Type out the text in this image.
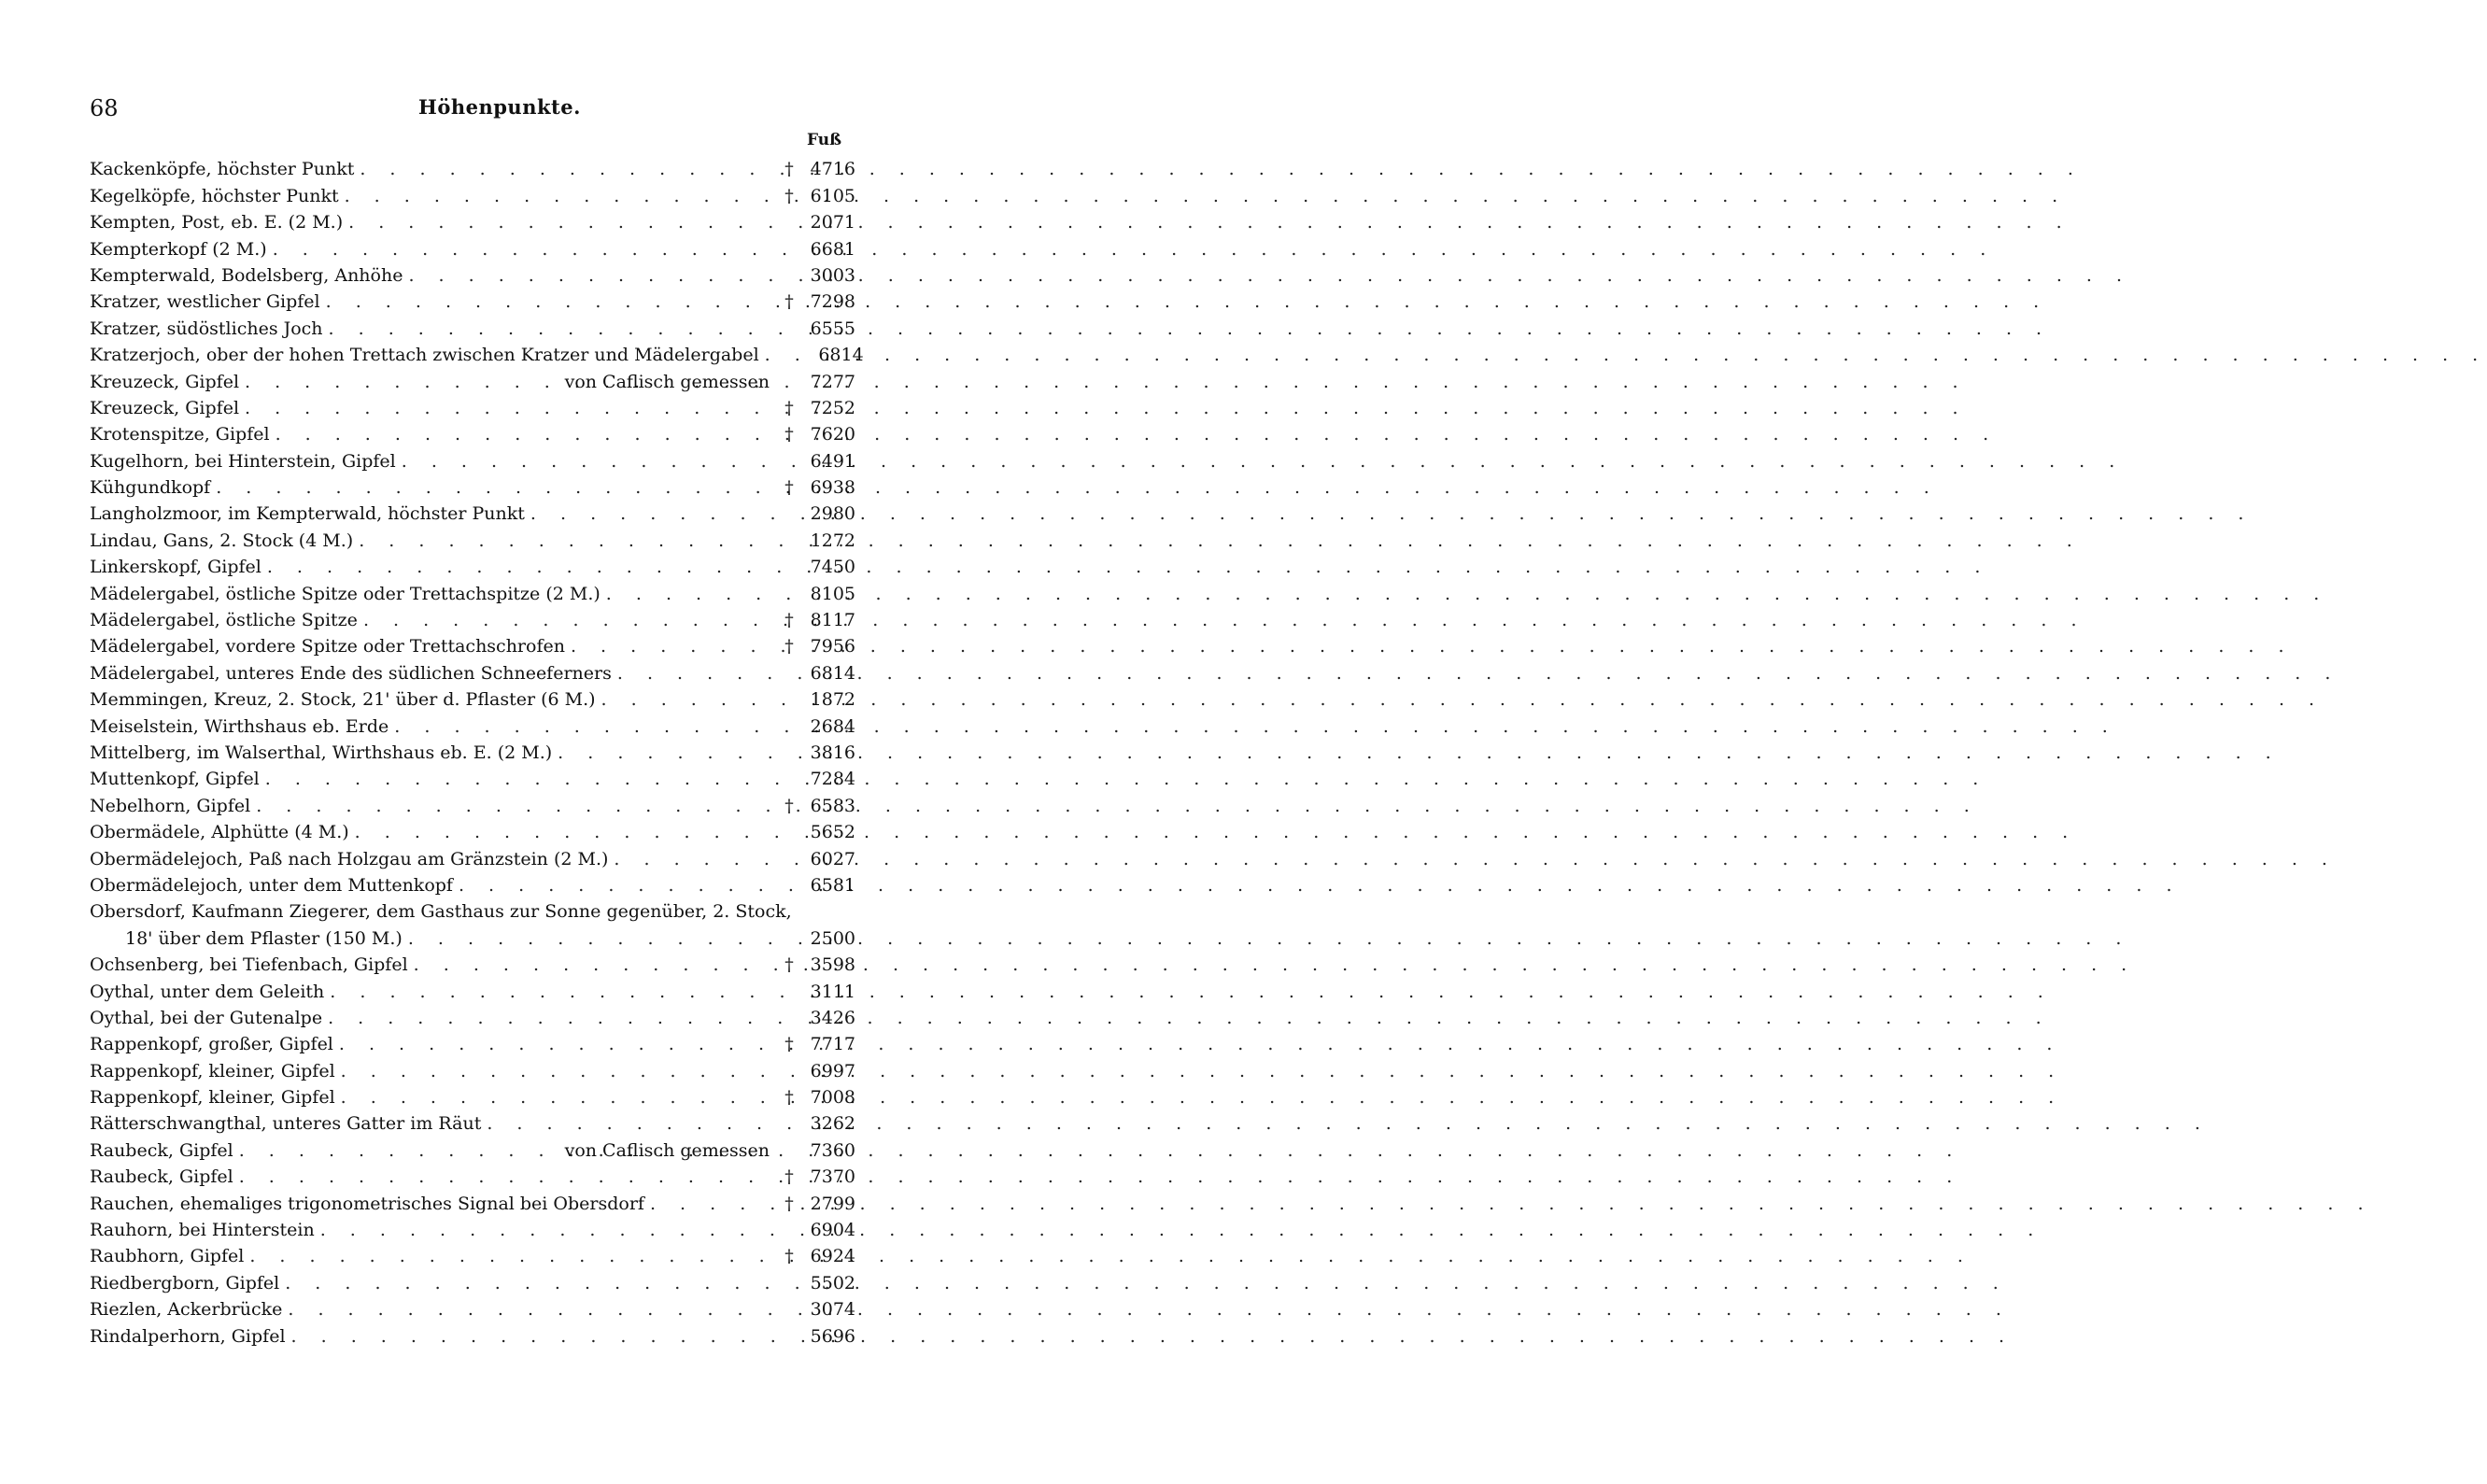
68	Höhenpunkte.
Fuß
Kackenköpfe, höchster Punkt . . .	† 4716
Kegelköpfe, höchster Punkt . . .	† 6105
Kempten, Post, eb. E. (2 M.) . . .	2071
Kempterkopf (2 M.) . . .	6681
Kempterwald, Bodelsberg, Anhöhe . . .	3003
Kratzer, westlicher Gipfel . . .	† 7298
Kratzer, südöstliches Joch . . .	6555
Kratzerjoch, ober der hohen Trettach zwischen Kratzer und Mädelergabel . . .	6814
Kreuzeck, Gipfel . . .	von Caflisch gemessen	7277
Kreuzeck, Gipfel . . .	† 7252
Krotenspitze, Gipfel . . .	† 7620
Kugelhorn, bei Hinterstein, Gipfel . . .	6491
Kühgundkopf . . .	† 6938
Langholzmoor, im Kempterwald, höchster Punkt . . .	2980
Lindau, Gans, 2. Stock (4 M.) . . .	1272
Linkerskopf, Gipfel . . .	7450
Mädelergabel, östliche Spitze oder Trettachspitze (2 M.) . . .	8105
Mädelergabel, östliche Spitze . . .	† 8117
Mädelergabel, vordere Spitze oder Trettachschrofen . . .	† 7956
Mädelergabel, unteres Ende des südlichen Schneeferners . . .	6814
Memmingen, Kreuz, 2. Stock, 21' über d. Pflaster (6 M.) . . .	1872
Meiselstein, Wirthshaus eb. Erde . . .	2684
Mittelberg, im Walserthal, Wirthshaus eb. E. (2 M.) . . .	3816
Muttenkopf, Gipfel . . .	7284
Nebelhorn, Gipfel . . .	† 6583
Obermädele, Alphütte (4 M.) . . .	5652
Obermädelejoch, Paß nach Holzgau am Gränzstein (2 M.) . . .	6027
Obermädelejoch, unter dem Muttenkopf . . .	6581
Obersdorf, Kaufmann Ziegerer, dem Gasthaus zur Sonne gegenüber, 2. Stock,
18' über dem Pflaster (150 M.) . . .	2500
Ochsenberg, bei Tiefenbach, Gipfel . . .	† 3598
Oythal, unter dem Geleith . . .	3111
Oythal, bei der Gutenalpe . . .	3426
Rappenkopf, großer, Gipfel . . .	† 7717
Rappenkopf, kleiner, Gipfel . . .	6997
Rappenkopf, kleiner, Gipfel . . .	† 7008
Rätterschwangthal, unteres Gatter im Räut . . .	3262
Raubeck, Gipfel . . .	von Caflisch gemessen	7360
Raubeck, Gipfel . . .	† 7370
Rauchen, ehemaliges trigonometrisches Signal bei Obersdorf . . .	† 2799
Rauhorn, bei Hinterstein . . .	6904
Raubhorn, Gipfel . . .	† 6924
Riedbergborn, Gipfel . . .	5502
Riezlen, Ackerbrücke . . .	3074
Rindalperhorn, Gipfel . . .	5696
